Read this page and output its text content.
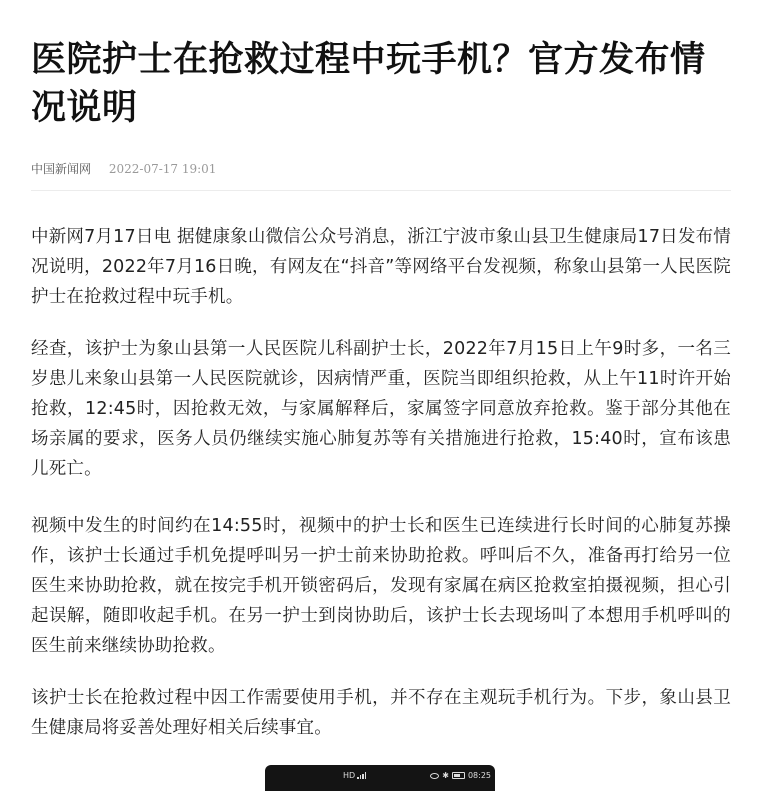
医院护士在抢救过程中玩手机？官方发布情况说明
中国新闻网 2022-07-17 19:01

中新网7月17日电 据健康象山微信公众号消息，浙江宁波市象山县卫生健康局17日发布情况说明，2022年7月16日晚，有网友在“抖音”等网络平台发视频，称象山县第一人民医院护士在抢救过程中玩手机。

经查，该护士为象山县第一人民医院儿科副护士长，2022年7月15日上午9时多，一名三岁患儿来象山县第一人民医院就诊，因病情严重，医院当即组织抢救，从上午11时许开始抢救，12:45时，因抢救无效，与家属解释后，家属签字同意放弃抢救。鉴于部分其他在场亲属的要求，医务人员仍继续实施心肺复苏等有关措施进行抢救，15:40时，宣布该患儿死亡。

视频中发生的时间约在14:55时，视频中的护士长和医生已连续进行长时间的心肺复苏操作，该护士长通过手机免提呼叫另一护士前来协助抢救。呼叫后不久，准备再打给另一位医生来协助抢救，就在按完手机开锁密码后，发现有家属在病区抢救室拍摄视频，担心引起误解，随即收起手机。在另一护士到岗协助后，该护士长去现场叫了本想用手机呼叫的医生前来继续协助抢救。

该护士长在抢救过程中因工作需要使用手机，并不存在主观玩手机行为。下步，象山县卫生健康局将妥善处理好相关后续事宜。

HD	✱ 08:25
